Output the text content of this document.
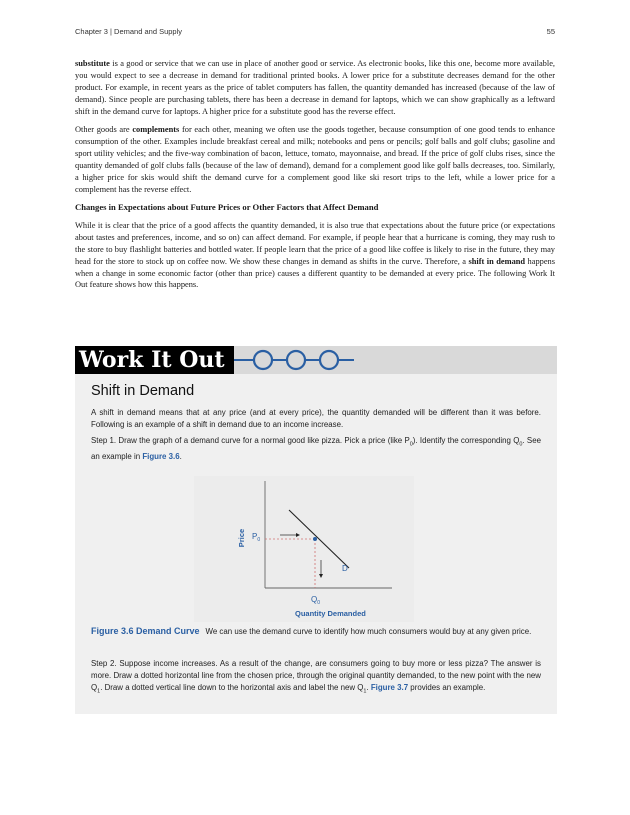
Chapter 3 | Demand and Supply	55

substitute is a good or service that we can use in place of another good or service. As electronic books, like this one, become more available, you would expect to see a decrease in demand for traditional printed books. A lower price for a substitute decreases demand for the other product. For example, in recent years as the price of tablet computers has fallen, the quantity demanded has increased (because of the law of demand). Since people are purchasing tablets, there has been a decrease in demand for laptops, which we can show graphically as a leftward shift in the demand curve for laptops. A higher price for a substitute good has the reverse effect.

Other goods are complements for each other, meaning we often use the goods together, because consumption of one good tends to enhance consumption of the other. Examples include breakfast cereal and milk; notebooks and pens or pencils; golf balls and golf clubs; gasoline and sport utility vehicles; and the five-way combination of bacon, lettuce, tomato, mayonnaise, and bread. If the price of golf clubs rises, since the quantity demanded of golf clubs falls (because of the law of demand), demand for a complement good like golf balls decreases, too. Similarly, a higher price for skis would shift the demand curve for a complement good like ski resort trips to the left, while a lower price for a complement has the reverse effect.

Changes in Expectations about Future Prices or Other Factors that Affect Demand

While it is clear that the price of a good affects the quantity demanded, it is also true that expectations about the future price (or expectations about tastes and preferences, income, and so on) can affect demand. For example, if people hear that a hurricane is coming, they may rush to the store to buy flashlight batteries and bottled water. If people learn that the price of a good like coffee is likely to rise in the future, they may head for the store to stock up on coffee now. We show these changes in demand as shifts in the curve. Therefore, a shift in demand happens when a change in some economic factor (other than price) causes a different quantity to be demanded at every price. The following Work It Out feature shows how this happens.

Work It Out
Shift in Demand

A shift in demand means that at any price (and at every price), the quantity demanded will be different than it was before. Following is an example of a shift in demand due to an income increase.

Step 1. Draw the graph of a demand curve for a normal good like pizza. Pick a price (like $P_0$). Identify the corresponding $Q_0$. See an example in Figure 3.6.

$P_0$
$Q_0$
D
Quantity Demanded
Price

Figure 3.6 Demand Curve We can use the demand curve to identify how much consumers would buy at any given price.

Step 2. Suppose income increases. As a result of the change, are consumers going to buy more or less pizza? The answer is more. Draw a dotted horizontal line from the chosen price, through the original quantity demanded, to the new point with the new $Q_1$. Draw a dotted vertical line down to the horizontal axis and label the new $Q_1$. Figure 3.7 provides an example.
